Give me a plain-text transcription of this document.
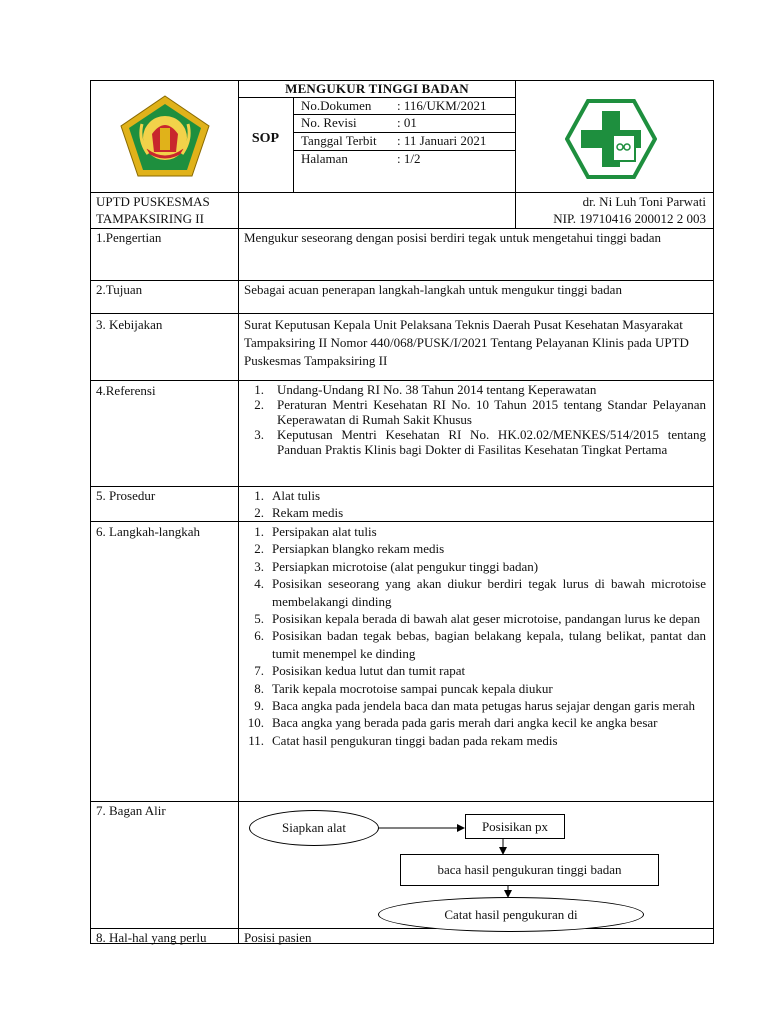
MENGUKUR TINGGI BADAN
SOP
No.Dokumen : 116/UKM/2021
No. Revisi	: 01
Tanggal Terbit : 11 Januari 2021
Halaman	: 1/2
UPTD PUSKESMAS
TAMPAKSIRING II
dr. Ni Luh Toni Parwati
NIP. 19710416 200012 2 003
1.Pengertian	Mengukur seseorang dengan posisi berdiri tegak untuk mengetahui tinggi badan
2.Tujuan	Sebagai acuan penerapan langkah-langkah untuk mengukur tinggi badan
3. Kebijakan	Surat Keputusan Kepala Unit Pelaksana Teknis Daerah Pusat Kesehatan Masyarakat Tampaksiring II Nomor 440/068/PUSK/I/2021 Tentang Pelayanan Klinis pada UPTD Puskesmas Tampaksiring II
4.Referensi	1.	Undang-Undang RI No. 38 Tahun 2014 tentang Keperawatan
2.	Peraturan Mentri Kesehatan RI No. 10 Tahun 2015 tentang Standar Pelayanan Keperawatan di Rumah Sakit Khusus
3.	Keputusan Mentri Kesehatan RI No. HK.02.02/MENKES/514/2015 tentang Panduan Praktis Klinis bagi Dokter di Fasilitas Kesehatan Tingkat Pertama
5. Prosedur	1. Alat tulis
2. Rekam medis
6. Langkah-langkah	1. Persipakan alat tulis
2. Persiapkan blangko rekam medis
3. Persiapkan microtoise (alat pengukur tinggi badan)
4. Posisikan seseorang yang akan diukur berdiri tegak lurus di bawah microtoise membelakangi dinding
5. Posisikan kepala berada di bawah alat geser microtoise, pandangan lurus ke depan
6. Posisikan badan tegak bebas, bagian belakang kepala, tulang belikat, pantat dan tumit menempel ke dinding
7. Posisikan kedua lutut dan tumit rapat
8. Tarik kepala mocrotoise sampai puncak kepala diukur
9. Baca angka pada jendela baca dan mata petugas harus sejajar dengan garis merah
10. Baca angka yang berada pada garis merah dari angka kecil ke angka besar
11. Catat hasil pengukuran tinggi badan pada rekam medis
7. Bagan Alir
Siapkan alat	Posisikan px
baca hasil pengukuran tinggi badan
Catat hasil pengukuran di
8. Hal-hal yang perlu	Posisi pasien
